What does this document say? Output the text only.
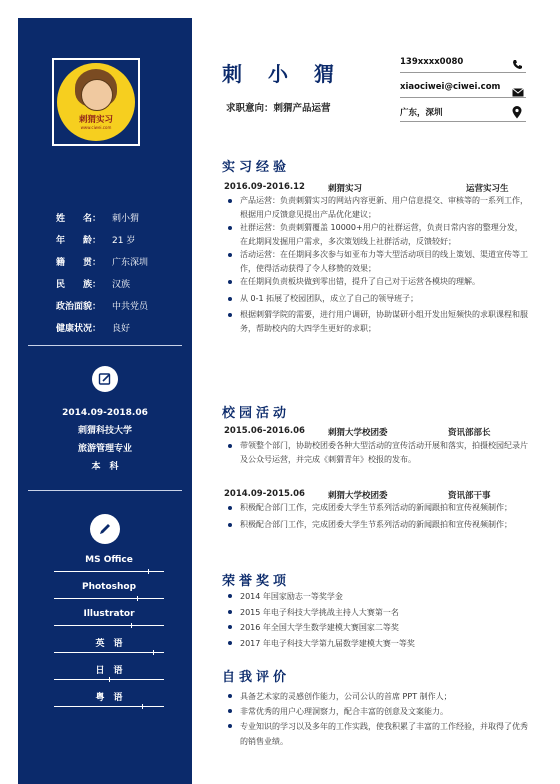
刺猬实习
www.ciwei.com
姓　　名：	刺小猬
年　　龄：	21 岁
籍　　贯：	广东深圳
民　　族：	汉族
政治面貌：	中共党员
健康状况：	良好
2014.09-2018.06
刺猬科技大学
旅游管理专业
本　科
MS Office
Photoshop
Illustrator
英　语
日　语
粤　语
刺小猬
求职意向：刺猬产品运营
139xxxx0080
xiaociwei@ciwei.com
广东，深圳
实习经验
2016.09-2016.12	刺猬实习	运营实习生
产品运营：负责刺猬实习的网站内容更新、用户信息提交、审核等的一系列工作，根据用户反馈意见提出产品优化建议；
社群运营：负责刺猬覆盖 10000+用户的社群运营，负责日常内容的整理分发，在此期间发掘用户需求，多次策划线上社群活动，反馈较好；
活动运营：在任期间多次参与如亚布力等大型活动项目的线上策划、渠道宣传等工作，使得活动获得了令人移赞的效果；
在任期间负责板块做到零出错，提升了自己对于运营各模块的理解。
从 0-1 拓展了校园团队，成立了自己的领导班子；
根据刺猬学院的需要，进行用户调研，协助谋研小组开发出短频快的求职课程和服务，帮助校内的大四学生更好的求职；
校园活动
2015.06-2016.06	刺猬大学校团委	资讯部部长
带领整个部门，协助校团委各种大型活动的宣传活动开展和落实，拍摄校园纪录片及公众号运营，并完成《刺猬青年》校报的发布。
2014.09-2015.06	刺猬大学校团委	资讯部干事
积极配合部门工作，完成团委大学生节系列活动的新闻跟拍和宣传视频制作；
积极配合部门工作，完成团委大学生节系列活动的新闻跟拍和宣传视频制作；
荣誉奖项
2014 年国家励志一等奖学金
2015 年电子科技大学挑战主持人大赛第一名
2016 年全国大学生数学建模大赛国家二等奖
2017 年电子科技大学第九届数学建模大赛一等奖
自我评价
具备艺术家的灵感创作能力，公司公认的首席 PPT 制作人；
非常优秀的用户心理洞察力，配合丰富的创意及文案能力。
专业知识的学习以及多年的工作实践，使我积累了丰富的工作经验，并取得了优秀的销售业绩。
